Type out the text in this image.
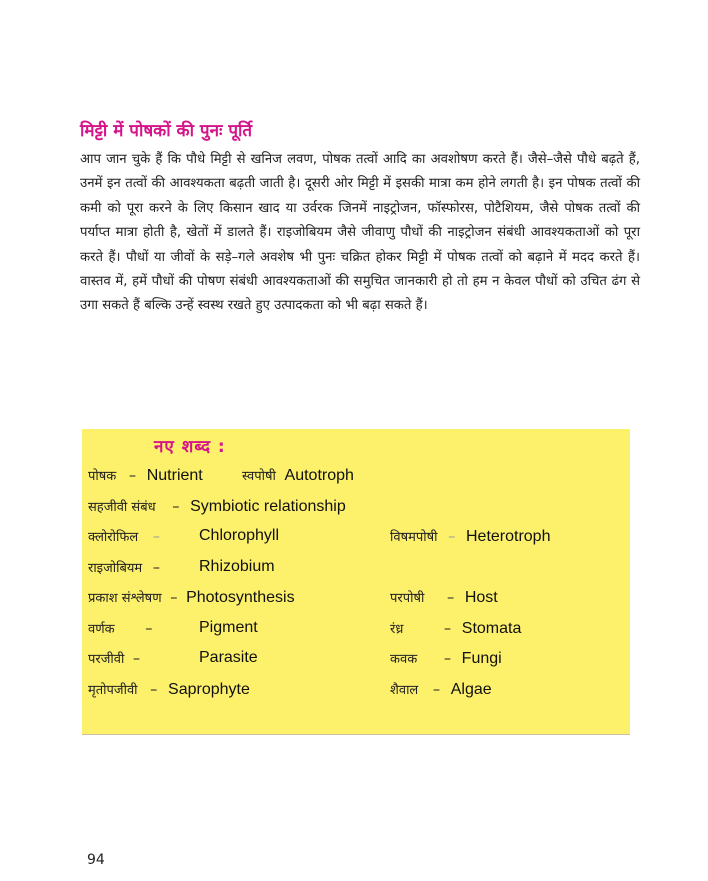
मिट्टी में पोषकों की पुनः पूर्ति

आप जान चुके हैं कि पौधे मिट्टी से खनिज लवण, पोषक तत्वों आदि का अवशोषण करते हैं। जैसे–जैसे पौधे बढ़ते हैं, उनमें इन तत्वों की आवश्यकता बढ़ती जाती है। दूसरी ओर मिट्टी में इसकी मात्रा कम होने लगती है। इन पोषक तत्वों की कमी को पूरा करने के लिए किसान खाद या उर्वरक जिनमें नाइट्रोजन, फॉस्फोरस, पोटैशियम, जैसे पोषक तत्वों की पर्याप्त मात्रा होती है, खेतों में डालते हैं। राइजोबियम जैसे जीवाणु पौधों की नाइट्रोजन संबंधी आवश्यकताओं को पूरा करते हैं। पौधों या जीवों के सड़े–गले अवशेष भी पुनः चक्रित होकर मिट्टी में पोषक तत्वों को बढ़ाने में मदद करते हैं। वास्तव में, हमें पौधों की पोषण संबंधी आवश्यकताओं की समुचित जानकारी हो तो हम न केवल पौधों को उचित ढंग से उगा सकते हैं बल्कि उन्हें स्वस्थ रखते हुए उत्पादकता को भी बढ़ा सकते हैं।

नए शब्द :
पोषक – Nutrient	स्वपोषी Autotroph
सहजीवी संबंध – Symbiotic relationship
क्लोरोफिल – Chlorophyll	विषमपोषी – Heterotroph
राइजोबियम – Rhizobium
प्रकाश संश्लेषण – Photosynthesis	परपोषी – Host
वर्णक –	Pigment	रंध्र	– Stomata
परजीवी –	Parasite	कवक – Fungi
मृतोपजीवी – Saprophyte	शैवाल – Algae
94
